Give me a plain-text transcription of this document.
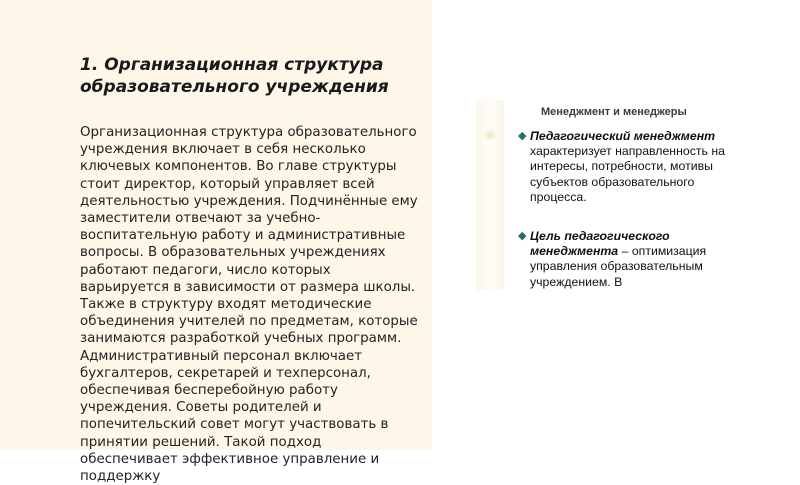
1. Организационная структура образовательного учреждения

Организационная структура образовательного учреждения включает в себя несколько ключевых компонентов. Во главе структуры стоит директор, который управляет всей деятельностью учреждения. Подчинённые ему заместители отвечают за учебно-воспитательную работу и административные вопросы. В образовательных учреждениях работают педагоги, число которых варьируется в зависимости от размера школы. Также в структуру входят методические объединения учителей по предметам, которые занимаются разработкой учебных программ. Административный персонал включает бухгалтеров, секретарей и техперсонал, обеспечивая бесперебойную работу учреждения. Советы родителей и попечительский совет могут участвовать в принятии решений. Такой подход обеспечивает эффективное управление и поддержку

Менеджмент и менеджеры
◆ Педагогический менеджмент характеризует направленность на интересы, потребности, мотивы субъектов образовательного процесса.
◆ Цель педагогического менеджмента – оптимизация управления образовательным учреждением. В
